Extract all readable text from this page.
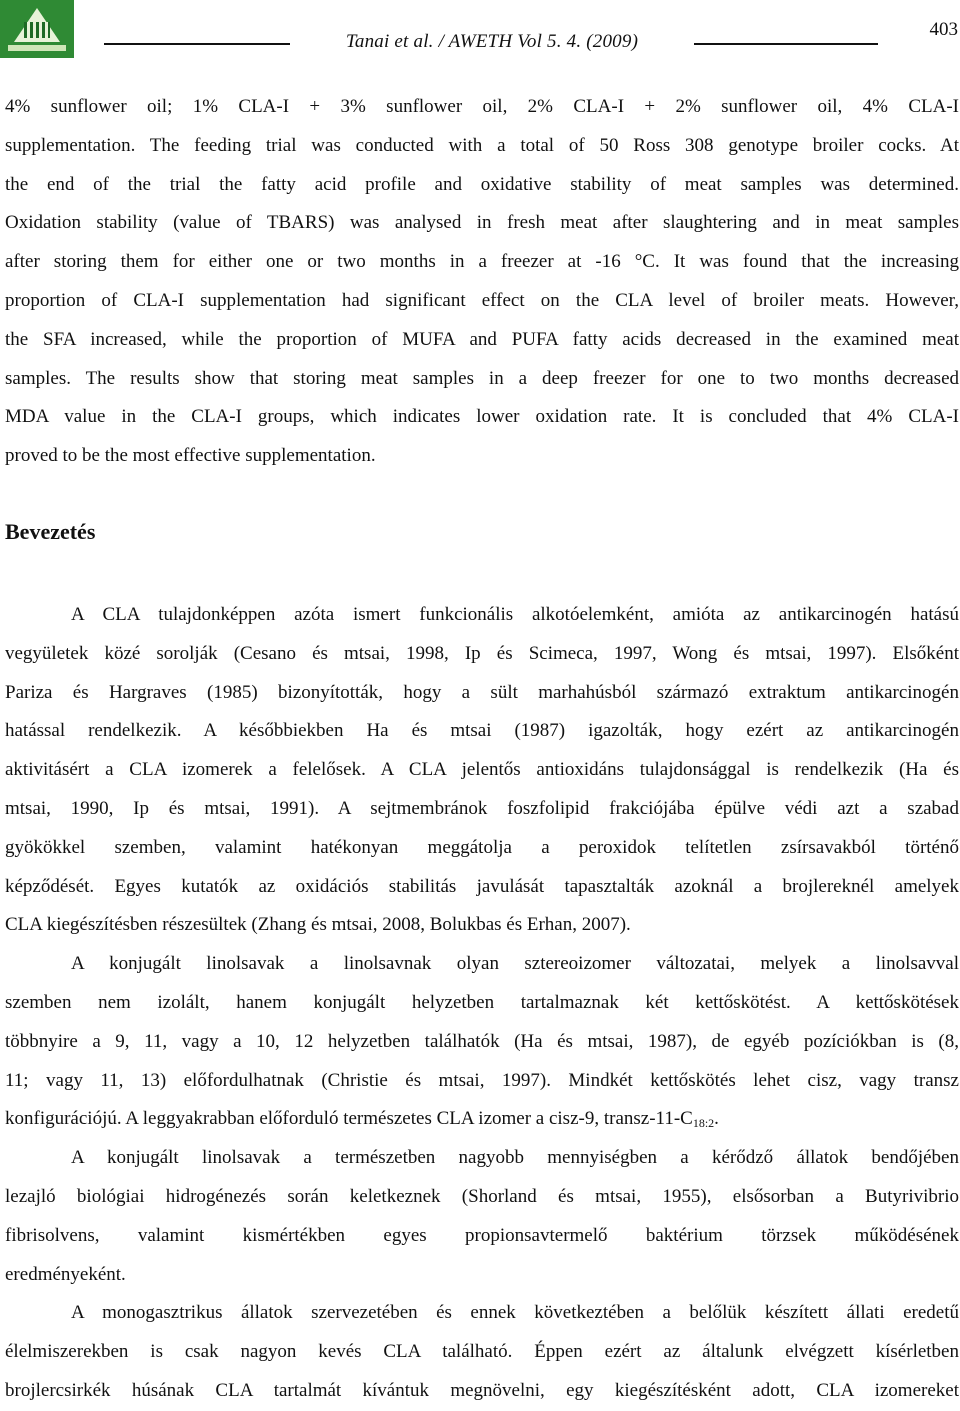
Tanai et al. / AWETH Vol 5. 4. (2009)
403

4% sunflower oil; 1% CLA-I + 3% sunflower oil, 2% CLA-I + 2% sunflower oil, 4% CLA-I
supplementation. The feeding trial was conducted with a total of 50 Ross 308 genotype broiler cocks. At
the end of the trial the fatty acid profile and oxidative stability of meat samples was determined.
Oxidation stability (value of TBARS) was analysed in fresh meat after slaughtering and in meat samples
after storing them for either one or two months in a freezer at -16 °C. It was found that the increasing
proportion of CLA-I supplementation had significant effect on the CLA level of broiler meats. However,
the SFA increased, while the proportion of MUFA and PUFA fatty acids decreased in the examined meat
samples. The results show that storing meat samples in a deep freezer for one to two months decreased
MDA value in the CLA-I groups, which indicates lower oxidation rate. It is concluded that 4% CLA-I
proved to be the most effective supplementation.

Bevezetés
A CLA tulajdonképpen azóta ismert funkcionális alkotóelemként, amióta az antikarcinogén hatású
vegyületek közé sorolják (Cesano és mtsai, 1998, Ip és Scimeca, 1997, Wong és mtsai, 1997). Elsőként
Pariza és Hargraves (1985) bizonyították, hogy a sült marhahúsból származó extraktum antikarcinogén
hatással rendelkezik. A későbbiekben Ha és mtsai (1987) igazolták, hogy ezért az antikarcinogén
aktivitásért a CLA izomerek a felelősek. A CLA jelentős antioxidáns tulajdonsággal is rendelkezik (Ha és
mtsai, 1990, Ip és mtsai, 1991). A sejtmembránok foszfolipid frakciójába épülve védi azt a szabad
gyökökkel szemben, valamint hatékonyan meggátolja a peroxidok telítetlen zsírsavakból történő
képződését. Egyes kutatók az oxidációs stabilitás javulását tapasztalták azoknál a brojlereknél amelyek
CLA kiegészítésben részesültek (Zhang és mtsai, 2008, Bolukbas és Erhan, 2007).
A konjugált linolsavak a linolsavnak olyan sztereoizomer változatai, melyek a linolsavval
szemben nem izolált, hanem konjugált helyzetben tartalmaznak két kettőskötést. A kettőskötések
többnyire a 9, 11, vagy a 10, 12 helyzetben találhatók (Ha és mtsai, 1987), de egyéb pozíciókban is (8,
11; vagy 11, 13) előfordulhatnak (Christie és mtsai, 1997). Mindkét kettőskötés lehet cisz, vagy transz
konfigurációjú. A leggyakrabban előforduló természetes CLA izomer a cisz-9, transz-$11-C_{18:2}$.
A konjugált linolsavak a természetben nagyobb mennyiségben a kérődző állatok bendőjében
lezajló biológiai hidrogénezés során keletkeznek (Shorland és mtsai, 1955), elsősorban a Butyrivibrio
fibrisolvens, valamint kismértékben egyes propionsavtermelő baktérium törzsek működésének
eredményeként.
A monogasztrikus állatok szervezetében és ennek következtében a belőlük készített állati eredetű
élelmiszerekben is csak nagyon kevés CLA található. Éppen ezért az általunk elvégzett kísérletben
brojlercsirkék húsának CLA tartalmát kívántuk megnövelni, egy kiegészítésként adott, CLA izomereket
